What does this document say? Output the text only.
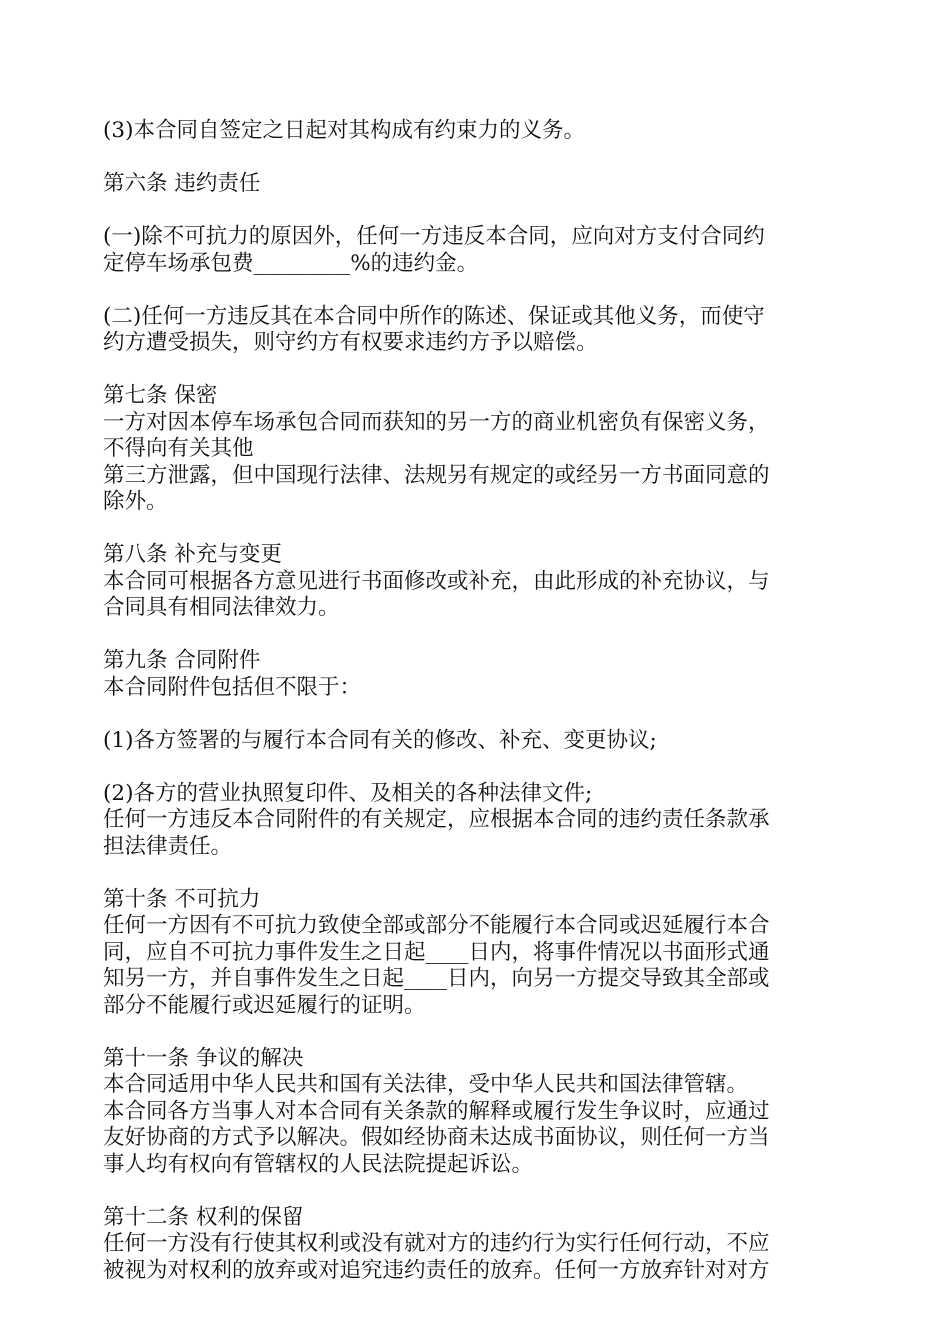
(3)本合同自签定之日起对其构成有约束力的义务。
第六条 违约责任
(一)除不可抗力的原因外，任何一方违反本合同，应向对方支付合同约
定停车场承包费_________%的违约金。
(二)任何一方违反其在本合同中所作的陈述、保证或其他义务，而使守
约方遭受损失，则守约方有权要求违约方予以赔偿。
第七条 保密
一方对因本停车场承包合同而获知的另一方的商业机密负有保密义务，
不得向有关其他
第三方泄露，但中国现行法律、法规另有规定的或经另一方书面同意的
除外。
第八条 补充与变更
本合同可根据各方意见进行书面修改或补充，由此形成的补充协议，与
合同具有相同法律效力。
第九条 合同附件
本合同附件包括但不限于：
(1)各方签署的与履行本合同有关的修改、补充、变更协议;
(2)各方的营业执照复印件、及相关的各种法律文件;
任何一方违反本合同附件的有关规定，应根据本合同的违约责任条款承
担法律责任。
第十条 不可抗力
任何一方因有不可抗力致使全部或部分不能履行本合同或迟延履行本合
同，应自不可抗力事件发生之日起____日内，将事件情况以书面形式通
知另一方，并自事件发生之日起____日内，向另一方提交导致其全部或
部分不能履行或迟延履行的证明。
第十一条 争议的解决
本合同适用中华人民共和国有关法律，受中华人民共和国法律管辖。
本合同各方当事人对本合同有关条款的解释或履行发生争议时，应通过
友好协商的方式予以解决。假如经协商未达成书面协议，则任何一方当
事人均有权向有管辖权的人民法院提起诉讼。
第十二条 权利的保留
任何一方没有行使其权利或没有就对方的违约行为实行任何行动，不应
被视为对权利的放弃或对追究违约责任的放弃。任何一方放弃针对对方
